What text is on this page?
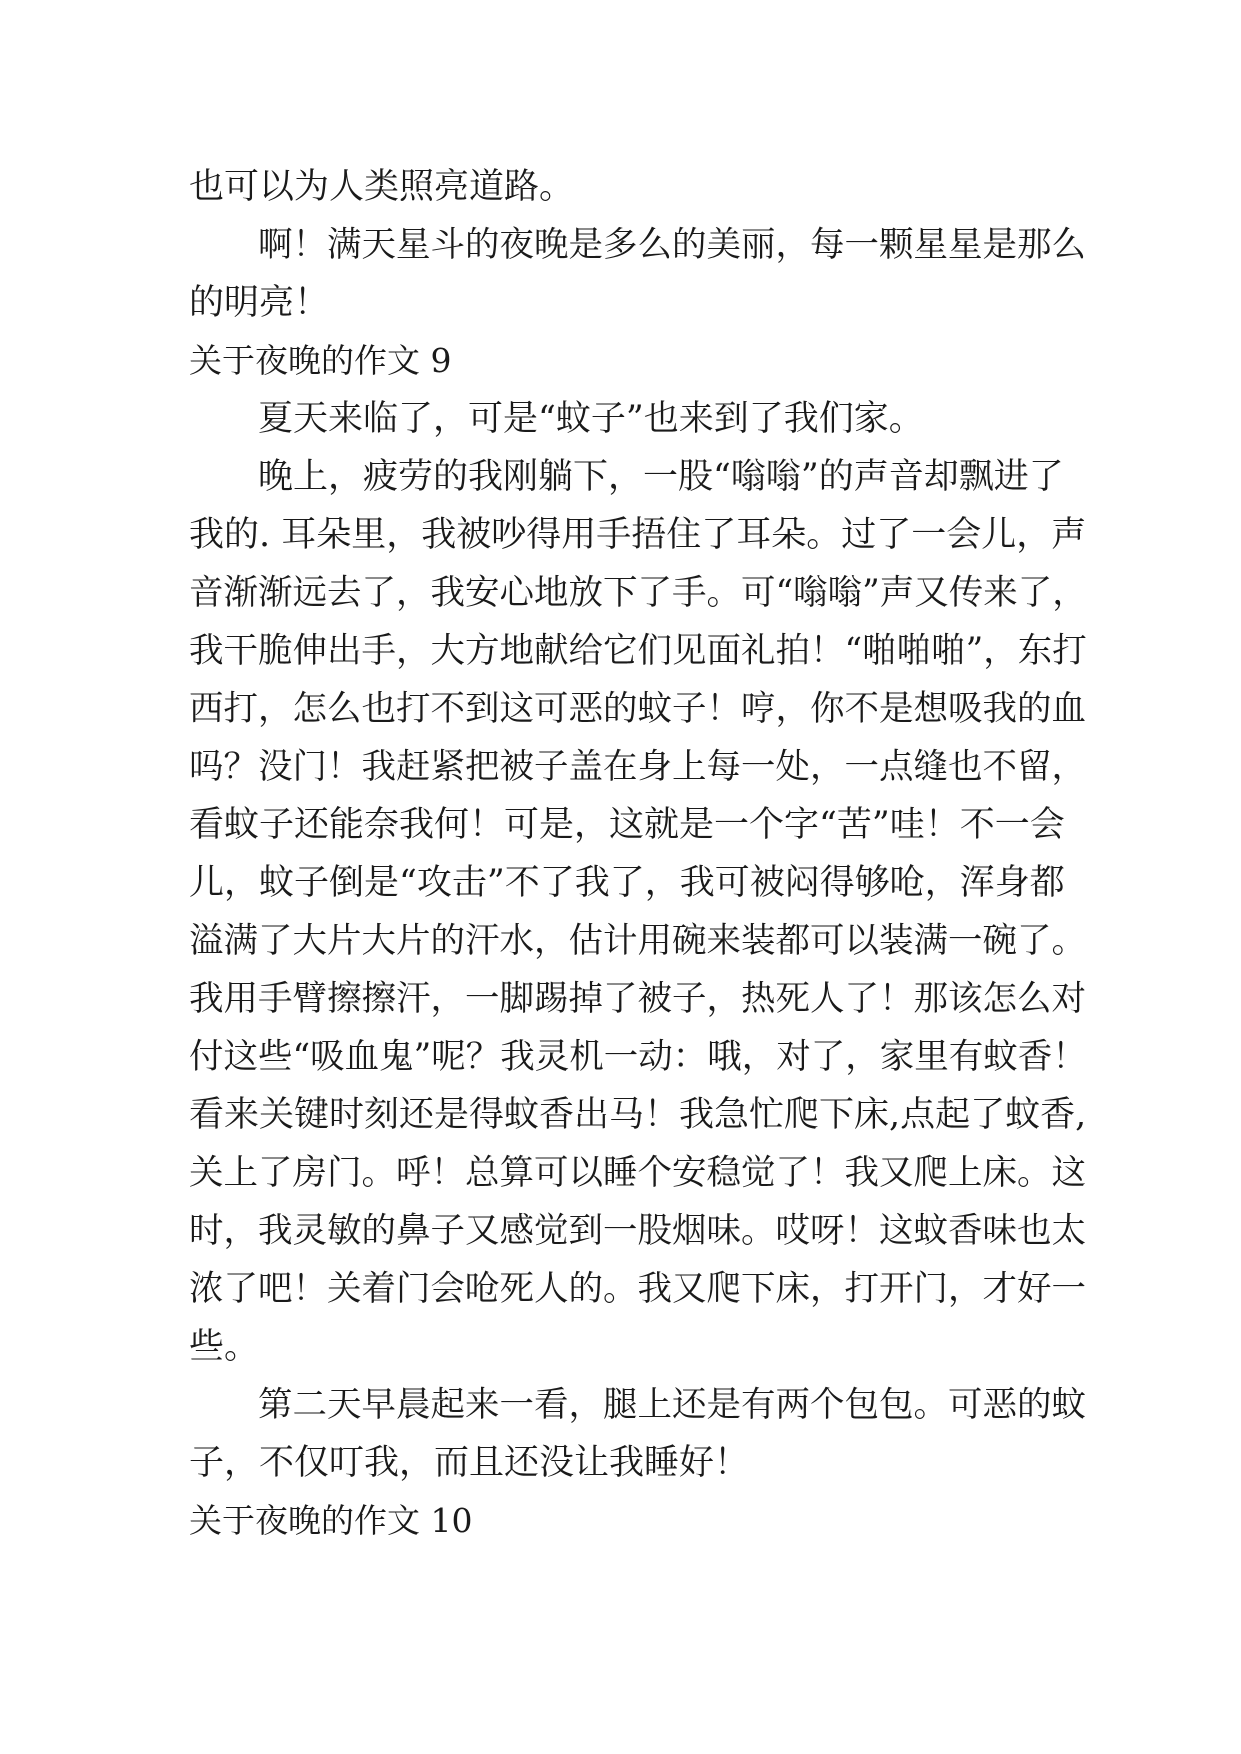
也可以为人类照亮道路。
啊！满天星斗的夜晚是多么的美丽，每一颗星星是那么
的明亮！
关于夜晚的作文 9
夏天来临了，可是“蚊子”也来到了我们家。
晚上，疲劳的我刚躺下，一股“嗡嗡”的声音却飘进了
我的. 耳朵里，我被吵得用手捂住了耳朵。过了一会儿，声
音渐渐远去了，我安心地放下了手。可“嗡嗡”声又传来了，
我干脆伸出手，大方地献给它们见面礼拍！“啪啪啪”，东打
西打，怎么也打不到这可恶的蚊子！哼，你不是想吸我的血
吗？没门！我赶紧把被子盖在身上每一处，一点缝也不留，
看蚊子还能奈我何！可是，这就是一个字“苦”哇！不一会
儿，蚊子倒是“攻击”不了我了，我可被闷得够呛，浑身都
溢满了大片大片的汗水，估计用碗来装都可以装满一碗了。
我用手臂擦擦汗，一脚踢掉了被子，热死人了！那该怎么对
付这些“吸血鬼”呢？我灵机一动：哦，对了，家里有蚊香！
看来关键时刻还是得蚊香出马！我急忙爬下床,点起了蚊香,
关上了房门。呼！总算可以睡个安稳觉了！我又爬上床。这
时，我灵敏的鼻子又感觉到一股烟味。哎呀！这蚊香味也太
浓了吧！关着门会呛死人的。我又爬下床，打开门，才好一
些。
第二天早晨起来一看，腿上还是有两个包包。可恶的蚊
子，不仅叮我，而且还没让我睡好！
关于夜晚的作文 10
